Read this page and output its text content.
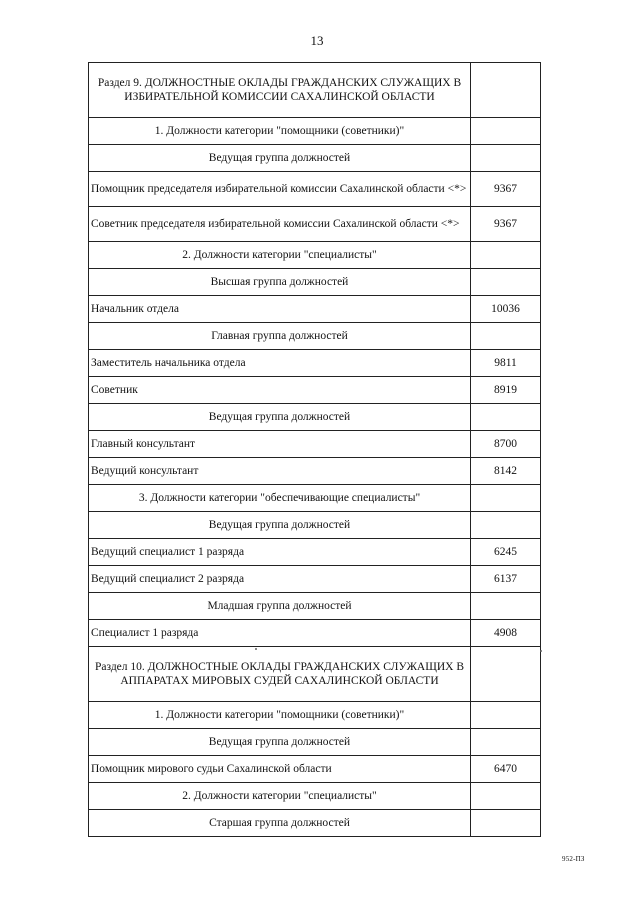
13
Раздел 9. ДОЛЖНОСТНЫЕ ОКЛАДЫ ГРАЖДАНСКИХ СЛУЖАЩИХ В ИЗБИРАТЕЛЬНОЙ КОМИССИИ САХАЛИНСКОЙ ОБЛАСТИ	
1. Должности категории "помощники (советники)"	
Ведущая группа должностей	
Помощник председателя избирательной комиссии Сахалинской области <*>	9367
Советник председателя избирательной комиссии Сахалинской области <*>	9367
2. Должности категории "специалисты"	
Высшая группа должностей	
Начальник отдела	10036
Главная группа должностей	
Заместитель начальника отдела	9811
Советник	8919
Ведущая группа должностей	
Главный консультант	8700
Ведущий консультант	8142
3. Должности категории "обеспечивающие специалисты"	
Ведущая группа должностей	
Ведущий специалист 1 разряда	6245
Ведущий специалист 2 разряда	6137
Младшая группа должностей	
Специалист 1 разряда	4908
Раздел 10. ДОЛЖНОСТНЫЕ ОКЛАДЫ ГРАЖДАНСКИХ СЛУЖАЩИХ В АППАРАТАХ МИРОВЫХ СУДЕЙ САХАЛИНСКОЙ ОБЛАСТИ	
1. Должности категории "помощники (советники)"	
Ведущая группа должностей	
Помощник мирового судьи Сахалинской области	6470
2. Должности категории "специалисты"	
Старшая группа должностей	
952-ПЗ
